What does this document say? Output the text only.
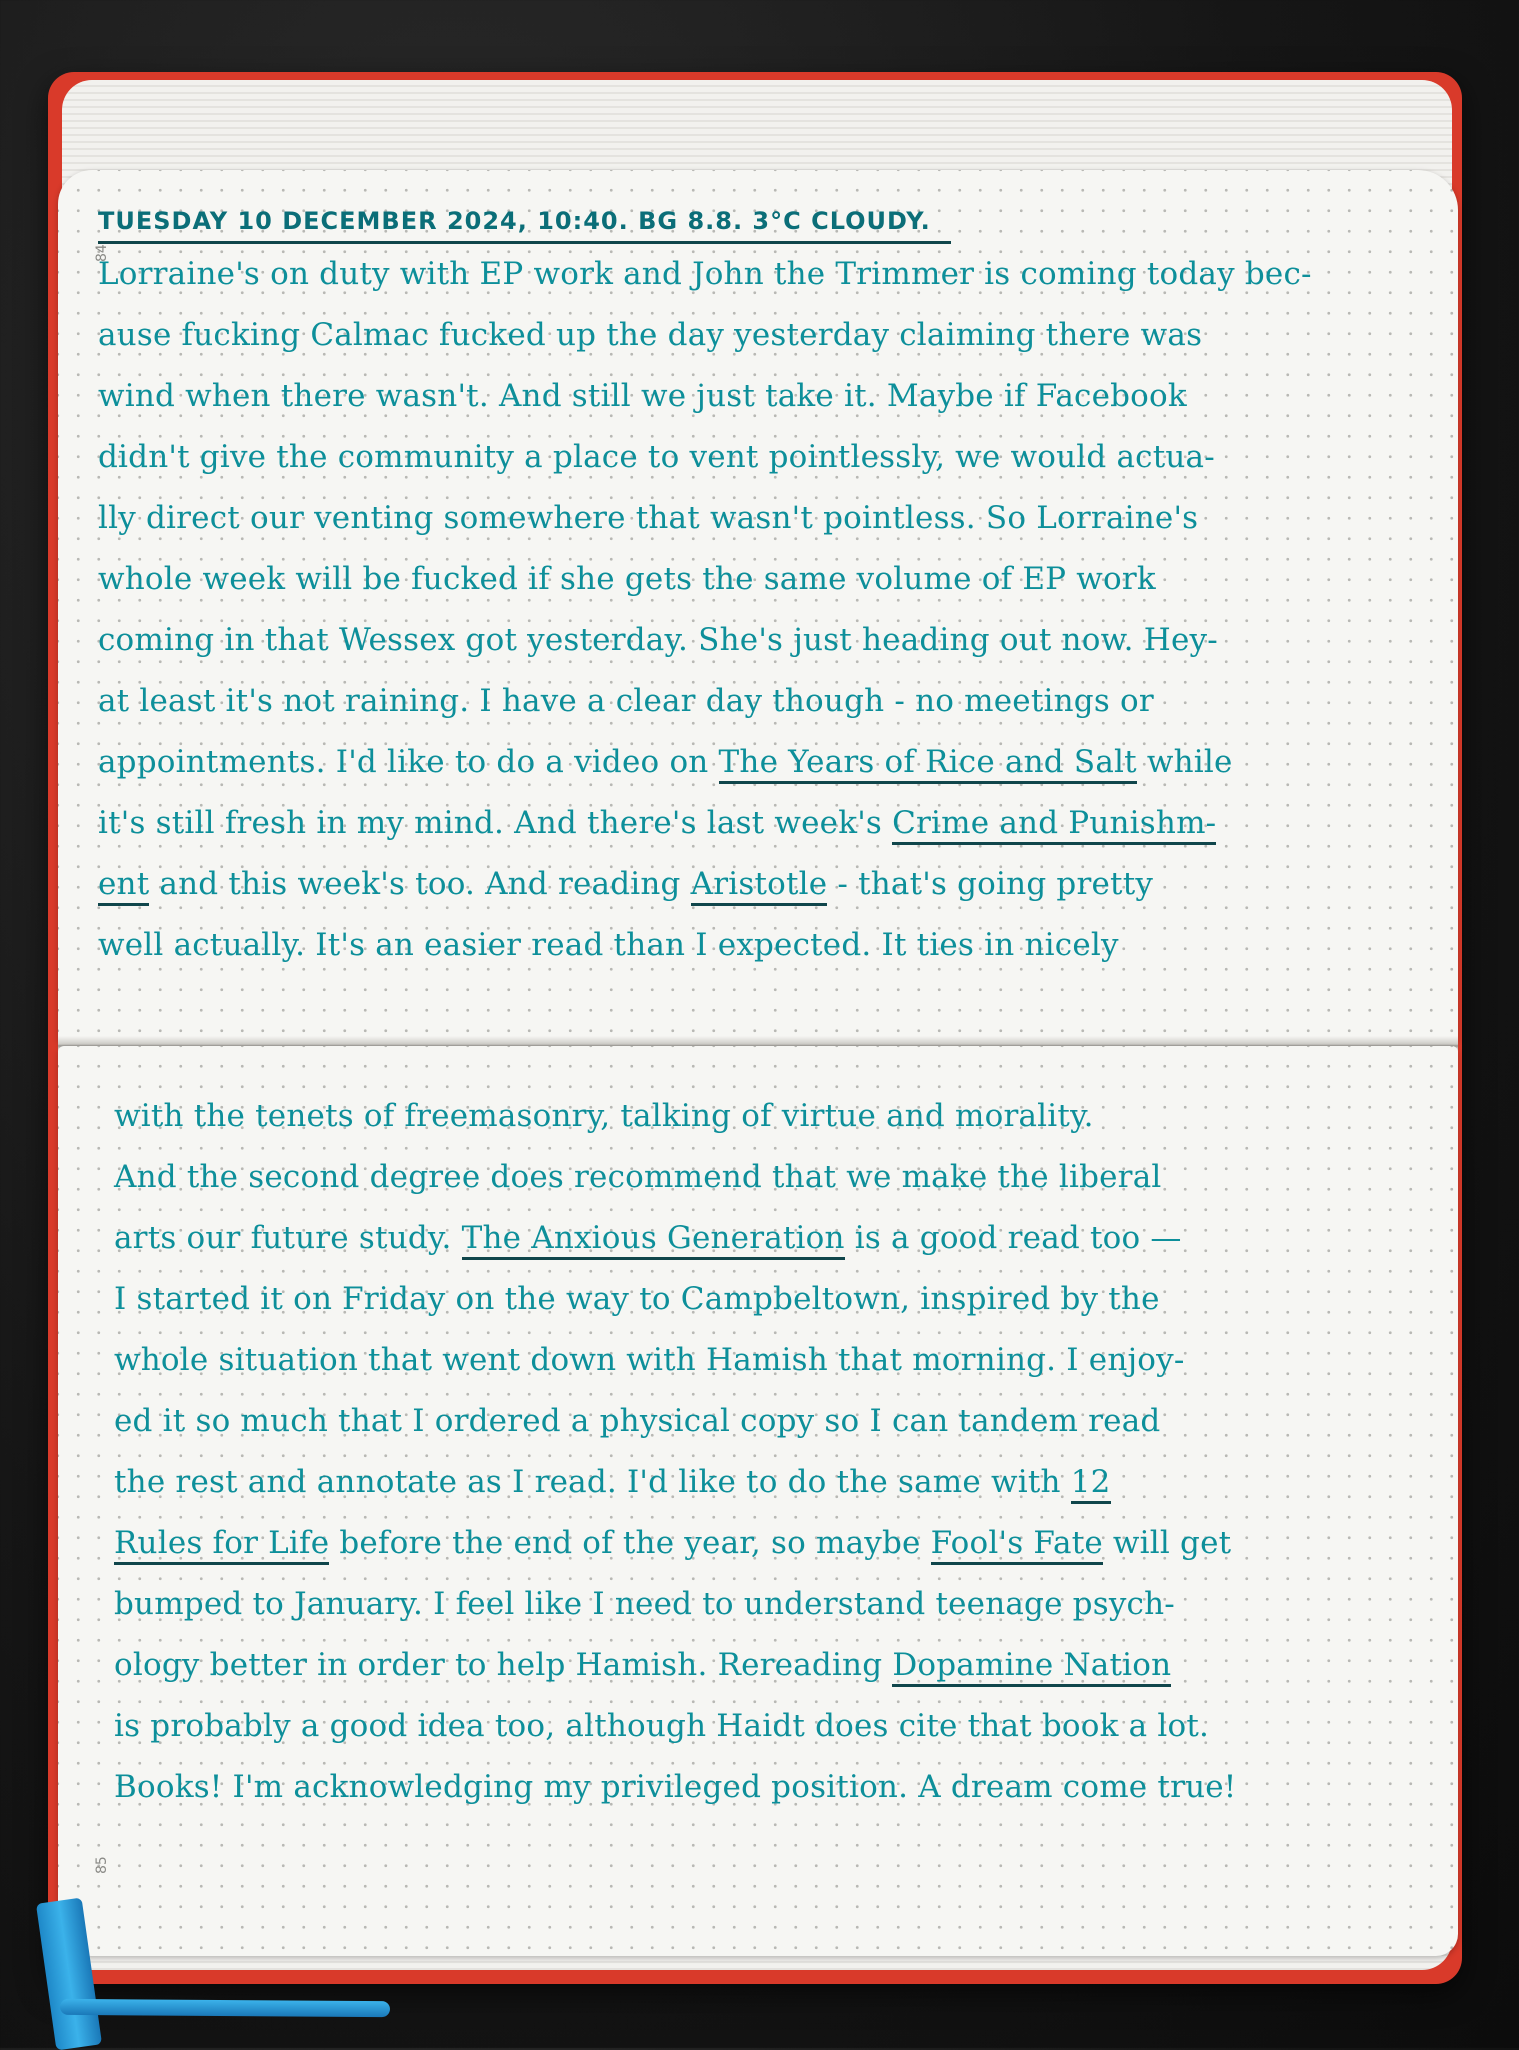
84
TUESDAY 10 DECEMBER 2024, 10:40. BG 8.8. 3°C CLOUDY.
Lorraine's on duty with EP work and John the Trimmer is coming today bec-
ause fucking Calmac fucked up the day yesterday claiming there was
wind when there wasn't. And still we just take it. Maybe if Facebook
didn't give the community a place to vent pointlessly, we would actua-
lly direct our venting somewhere that wasn't pointless. So Lorraine's
whole week will be fucked if she gets the same volume of EP work
coming in that Wessex got yesterday. She's just heading out now. Hey-
at least it's not raining. I have a clear day though - no meetings or
appointments. I'd like to do a video on The Years of Rice and Salt while
it's still fresh in my mind. And there's last week's Crime and Punishm-
ent and this week's too. And reading Aristotle - that's going pretty
well actually. It's an easier read than I expected. It ties in nicely
85
with the tenets of freemasonry, talking of virtue and morality.
And the second degree does recommend that we make the liberal
arts our future study. The Anxious Generation is a good read too —
I started it on Friday on the way to Campbeltown, inspired by the
whole situation that went down with Hamish that morning. I enjoy-
ed it so much that I ordered a physical copy so I can tandem read
the rest and annotate as I read. I'd like to do the same with 12
Rules for Life before the end of the year, so maybe Fool's Fate will get
bumped to January. I feel like I need to understand teenage psych-
ology better in order to help Hamish. Rereading Dopamine Nation
is probably a good idea too, although Haidt does cite that book a lot.
Books! I'm acknowledging my privileged position. A dream come true!
